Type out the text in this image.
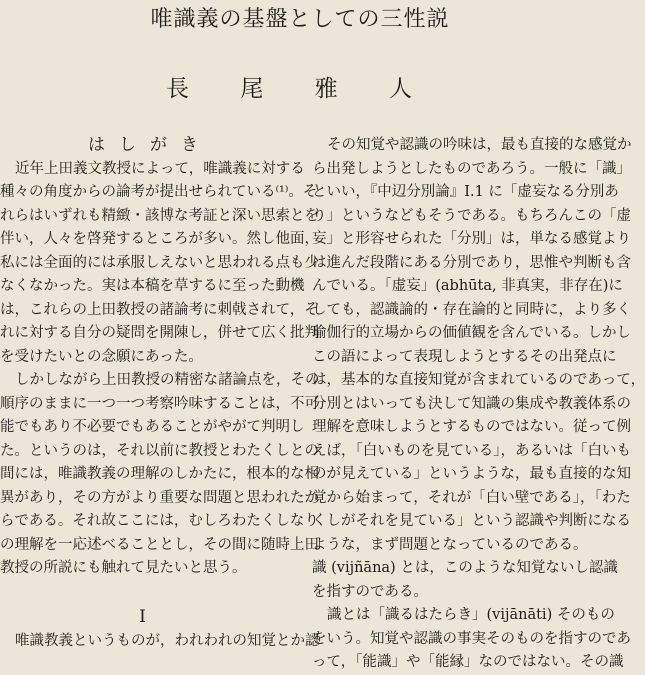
唯識義の基盤としての三性説
長 尾 雅 人
はしがき
近年上田義文教授によって，唯識義に対する
種々の角度からの論考が提出せられている⁽¹⁾。そ
れらはいずれも精緻・該博な考証と深い思索とを
伴い，人々を啓発するところが多い。然し他面，
私には全面的には承服しえないと思われる点も少
なくなかった。実は本稿を草するに至った動機
は，これらの上田教授の諸論考に刺戟されて，そ
れに対する自分の疑問を開陳し，併せて広く批判
を受けたいとの念願にあった。
しかしながら上田教授の精密な諸論点を，その
順序のままに一つ一つ考察吟味することは，不可
能でもあり不必要でもあることがやがて判明し
た。というのは，それ以前に教授とわたくしとの
間には，唯識教義の理解のしかたに，根本的な相
異があり，その方がより重要な問題と思われたか
らである。それ故ここには，むしろわたくしなり
の理解を一応述べることとし，その間に随時上田
教授の所説にも触れて見たいと思う。
I
唯識教義というものが，われわれの知覚とか認
その知覚や認識の吟味は，最も直接的な感覚か
ら出発しようとしたものであろう。一般に「識」
といい，『中辺分別論』I.1 に「虚妄なる分別あ
り」というなどもそうである。もちろんこの「虚
妄」と形容せられた「分別」は，単なる感覚より
は進んだ段階にある分別であり，思惟や判断も含
んでいる。「虚妄」(abhūta, 非真実，非存在)に
しても，認識論的・存在論的と同時に，より多く
瑜伽行的立場からの価値観を含んでいる。しかし
この語によって表現しようとするその出発点に
は，基本的な直接知覚が含まれているのであって，
分別とはいっても決して知識の集成や教義体系の
理解を意味しようとするものではない。従って例
えば，「白いものを見ている」，あるいは「白いも
のが見えている」というような，最も直接的な知
覚から始まって，それが「白い壁である」，「わた
くしがそれを見ている」という認識や判断になる
ような，まず問題となっているのである。
識 (vijñāna) とは，このような知覚ないし認識
を指すのである。
識とは「識るはたらき」(vijānāti) そのもの
をいう。知覚や認識の事実そのものを指すのであ
って，「能識」や「能縁」なのではない。その識
